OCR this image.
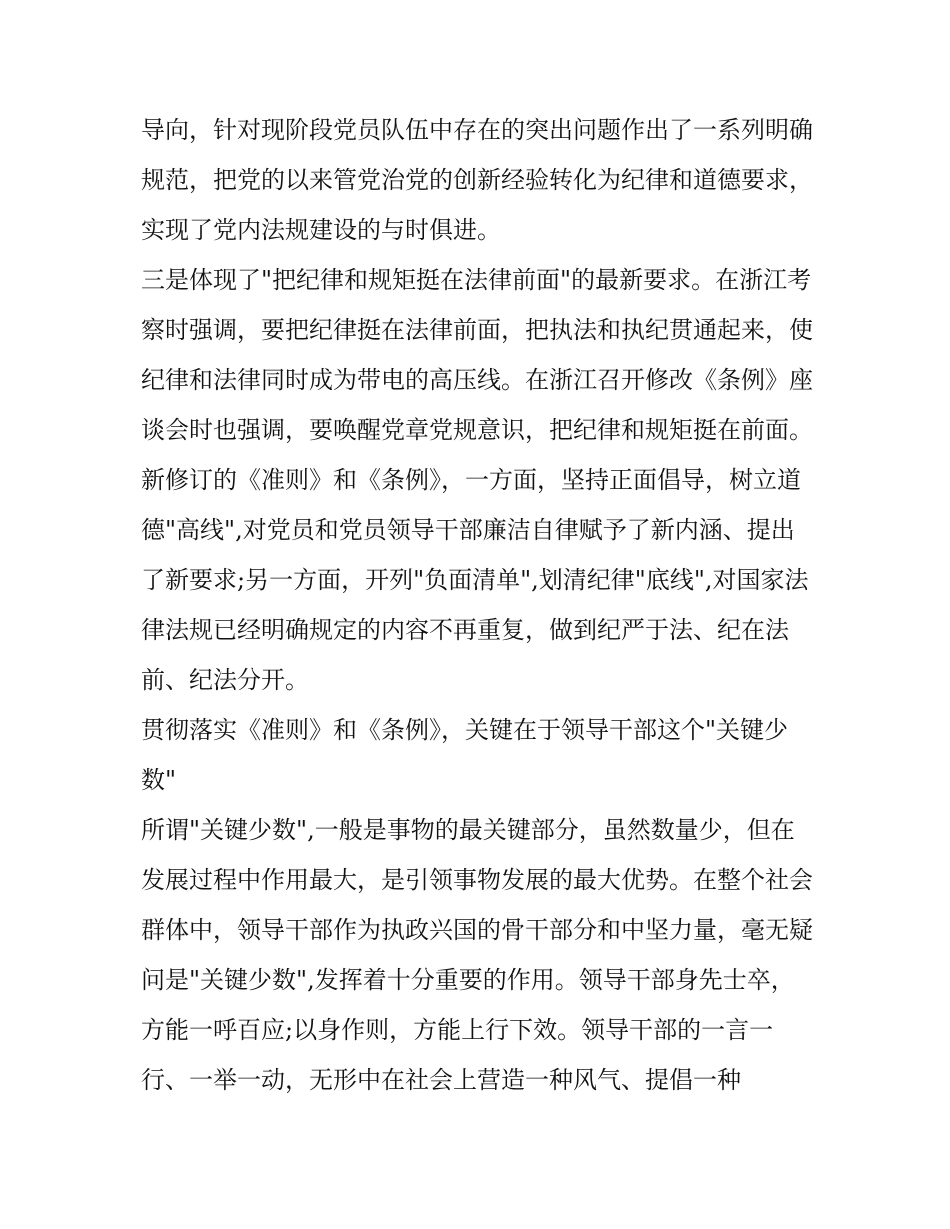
导向，针对现阶段党员队伍中存在的突出问题作出了一系列明确规范，把党的以来管党治党的创新经验转化为纪律和道德要求，实现了党内法规建设的与时俱进。

三是体现了"把纪律和规矩挺在法律前面"的最新要求。在浙江考察时强调，要把纪律挺在法律前面，把执法和执纪贯通起来，使纪律和法律同时成为带电的高压线。在浙江召开修改《条例》座谈会时也强调，要唤醒党章党规意识，把纪律和规矩挺在前面。新修订的《准则》和《条例》，一方面，坚持正面倡导，树立道德"高线",对党员和党员领导干部廉洁自律赋予了新内涵、提出了新要求;另一方面，开列"负面清单",划清纪律"底线",对国家法律法规已经明确规定的内容不再重复，做到纪严于法、纪在法前、纪法分开。

贯彻落实《准则》和《条例》，关键在于领导干部这个"关键少数"

所谓"关键少数",一般是事物的最关键部分，虽然数量少，但在发展过程中作用最大，是引领事物发展的最大优势。在整个社会群体中，领导干部作为执政兴国的骨干部分和中坚力量，毫无疑问是"关键少数",发挥着十分重要的作用。领导干部身先士卒，方能一呼百应;以身作则，方能上行下效。领导干部的一言一行、一举一动，无形中在社会上营造一种风气、提倡一种
